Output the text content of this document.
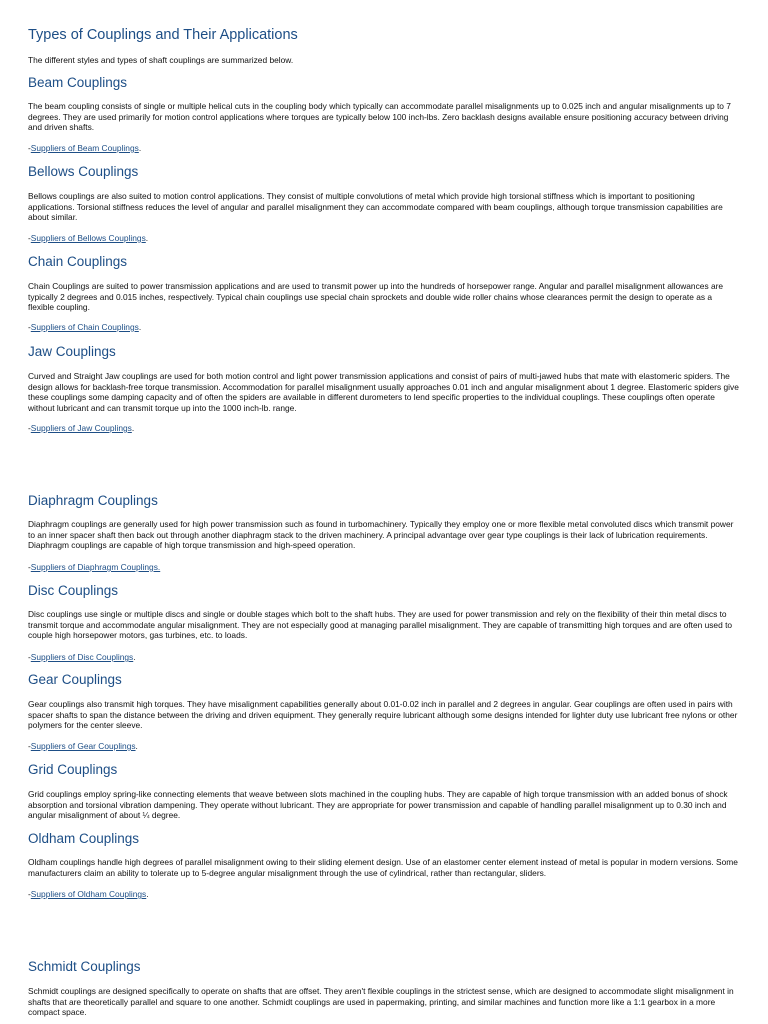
Types of Couplings and Their Applications

The different styles and types of shaft couplings are summarized below.

Beam Couplings

The beam coupling consists of single or multiple helical cuts in the coupling body which typically can accommodate parallel misalignments up to 0.025 inch and angular misalignments up to 7 degrees. They are used primarily for motion control applications where torques are typically below 100 inch-lbs. Zero backlash designs available ensure positioning accuracy between driving and driven shafts.

-Suppliers of Beam Couplings.

Bellows Couplings

Bellows couplings are also suited to motion control applications. They consist of multiple convolutions of metal which provide high torsional stiffness which is important to positioning applications. Torsional stiffness reduces the level of angular and parallel misalignment they can accommodate compared with beam couplings, although torque transmission capabilities are about similar.

-Suppliers of Bellows Couplings.

Chain Couplings

Chain Couplings are suited to power transmission applications and are used to transmit power up into the hundreds of horsepower range. Angular and parallel misalignment allowances are typically 2 degrees and 0.015 inches, respectively. Typical chain couplings use special chain sprockets and double wide roller chains whose clearances permit the design to operate as a flexible coupling.

-Suppliers of Chain Couplings.

Jaw Couplings

Curved and Straight Jaw couplings are used for both motion control and light power transmission applications and consist of pairs of multi-jawed hubs that mate with elastomeric spiders. The design allows for backlash-free torque transmission. Accommodation for parallel misalignment usually approaches 0.01 inch and angular misalignment about 1 degree. Elastomeric spiders give these couplings some damping capacity and of often the spiders are available in different durometers to lend specific properties to the individual couplings. These couplings often operate without lubricant and can transmit torque up into the 1000 inch-lb. range.

-Suppliers of Jaw Couplings.

Diaphragm Couplings

Diaphragm couplings are generally used for high power transmission such as found in turbomachinery. Typically they employ one or more flexible metal convoluted discs which transmit power to an inner spacer shaft then back out through another diaphragm stack to the driven machinery. A principal advantage over gear type couplings is their lack of lubrication requirements. Diaphragm couplings are capable of high torque transmission and high-speed operation.

-Suppliers of Diaphragm Couplings.

Disc Couplings

Disc couplings use single or multiple discs and single or double stages which bolt to the shaft hubs. They are used for power transmission and rely on the flexibility of their thin metal discs to transmit torque and accommodate angular misalignment. They are not especially good at managing parallel misalignment. They are capable of transmitting high torques and are often used to couple high horsepower motors, gas turbines, etc. to loads.

-Suppliers of Disc Couplings.

Gear Couplings

Gear couplings also transmit high torques. They have misalignment capabilities generally about 0.01-0.02 inch in parallel and 2 degrees in angular. Gear couplings are often used in pairs with spacer shafts to span the distance between the driving and driven equipment. They generally require lubricant although some designs intended for lighter duty use lubricant free nylons or other polymers for the center sleeve.

-Suppliers of Gear Couplings.

Grid Couplings

Grid couplings employ spring-like connecting elements that weave between slots machined in the coupling hubs. They are capable of high torque transmission with an added bonus of shock absorption and torsional vibration dampening. They operate without lubricant. They are appropriate for power transmission and capable of handling parallel misalignment up to 0.30 inch and angular misalignment of about ¼ degree.

Oldham Couplings

Oldham couplings handle high degrees of parallel misalignment owing to their sliding element design. Use of an elastomer center element instead of metal is popular in modern versions. Some manufacturers claim an ability to tolerate up to 5-degree angular misalignment through the use of cylindrical, rather than rectangular, sliders.

-Suppliers of Oldham Couplings.

Schmidt Couplings

Schmidt couplings are designed specifically to operate on shafts that are offset. They aren't flexible couplings in the strictest sense, which are designed to accommodate slight misalignment in shafts that are theoretically parallel and square to one another. Schmidt couplings are used in papermaking, printing, and similar machines and function more like a 1:1 gearbox in a more compact space.
